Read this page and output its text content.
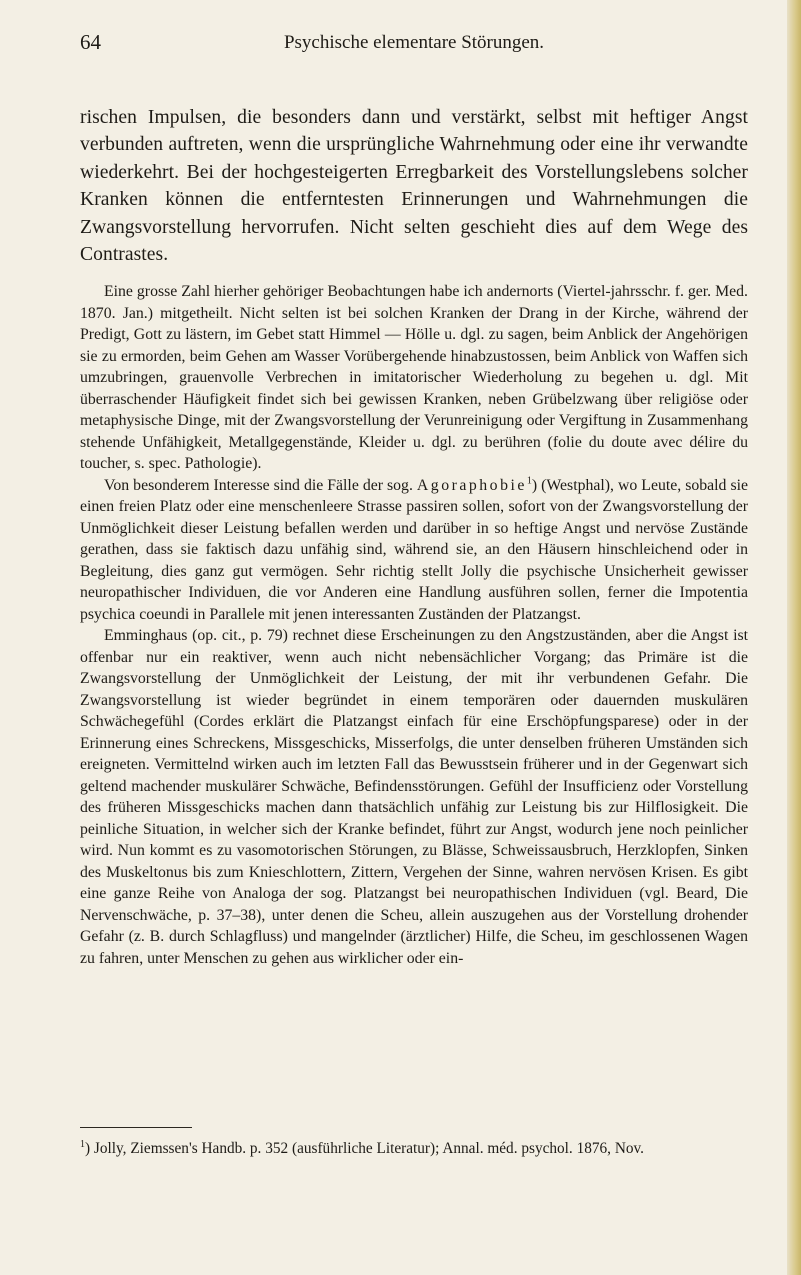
64	Psychische elementare Störungen.

rischen Impulsen, die besonders dann und verstärkt, selbst mit heftiger Angst verbunden auftreten, wenn die ursprüngliche Wahrnehmung oder eine ihr verwandte wiederkehrt. Bei der hochgesteigerten Erregbarkeit des Vorstellungslebens solcher Kranken können die entferntesten Erinnerungen und Wahrnehmungen die Zwangsvorstellung hervorrufen. Nicht selten geschieht dies auf dem Wege des Contrastes.

Eine grosse Zahl hierher gehöriger Beobachtungen habe ich andernorts (Viertel-jahrsschr. f. ger. Med. 1870. Jan.) mitgetheilt. Nicht selten ist bei solchen Kranken der Drang in der Kirche, während der Predigt, Gott zu lästern, im Gebet statt Himmel — Hölle u. dgl. zu sagen, beim Anblick der Angehörigen sie zu ermorden, beim Gehen am Wasser Vorübergehende hinabzustossen, beim Anblick von Waffen sich umzubringen, grauenvolle Verbrechen in imitatorischer Wiederholung zu begehen u. dgl. Mit überraschender Häufigkeit findet sich bei gewissen Kranken, neben Grübelzwang über religiöse oder metaphysische Dinge, mit der Zwangsvorstellung der Verunreinigung oder Vergiftung in Zusammenhang stehende Unfähigkeit, Metallgegenstände, Kleider u. dgl. zu berühren (folie du doute avec délire du toucher, s. spec. Pathologie).

Von besonderem Interesse sind die Fälle der sog. Agoraphobie$^1$) (Westphal), wo Leute, sobald sie einen freien Platz oder eine menschenleere Strasse passiren sollen, sofort von der Zwangsvorstellung der Unmöglichkeit dieser Leistung befallen werden und darüber in so heftige Angst und nervöse Zustände gerathen, dass sie faktisch dazu unfähig sind, während sie, an den Häusern hinschleichend oder in Begleitung, dies ganz gut vermögen. Sehr richtig stellt Jolly die psychische Unsicherheit gewisser neuropathischer Individuen, die vor Anderen eine Handlung ausführen sollen, ferner die Impotentia psychica coeundi in Parallele mit jenen interessanten Zuständen der Platzangst.

Emminghaus (op. cit., p. 79) rechnet diese Erscheinungen zu den Angstzuständen, aber die Angst ist offenbar nur ein reaktiver, wenn auch nicht nebensächlicher Vorgang; das Primäre ist die Zwangsvorstellung der Unmöglichkeit der Leistung, der mit ihr verbundenen Gefahr. Die Zwangsvorstellung ist wieder begründet in einem temporären oder dauernden muskulären Schwächegefühl (Cordes erklärt die Platzangst einfach für eine Erschöpfungsparese) oder in der Erinnerung eines Schreckens, Missgeschicks, Misserfolgs, die unter denselben früheren Umständen sich ereigneten. Vermittelnd wirken auch im letzten Fall das Bewusstsein früherer und in der Gegenwart sich geltend machender muskulärer Schwäche, Befindensstörungen. Gefühl der Insufficienz oder Vorstellung des früheren Missgeschicks machen dann thatsächlich unfähig zur Leistung bis zur Hilflosigkeit. Die peinliche Situation, in welcher sich der Kranke befindet, führt zur Angst, wodurch jene noch peinlicher wird. Nun kommt es zu vasomotorischen Störungen, zu Blässe, Schweissausbruch, Herzklopfen, Sinken des Muskeltonus bis zum Knieschlottern, Zittern, Vergehen der Sinne, wahren nervösen Krisen. Es gibt eine ganze Reihe von Analoga der sog. Platzangst bei neuropathischen Individuen (vgl. Beard, Die Nervenschwäche, p. 37–38), unter denen die Scheu, allein auszugehen aus der Vorstellung drohender Gefahr (z. B. durch Schlagfluss) und mangelnder (ärztlicher) Hilfe, die Scheu, im geschlossenen Wagen zu fahren, unter Menschen zu gehen aus wirklicher oder ein-

$^1$) Jolly, Ziemssen's Handb. p. 352 (ausführliche Literatur); Annal. méd. psychol. 1876, Nov.
